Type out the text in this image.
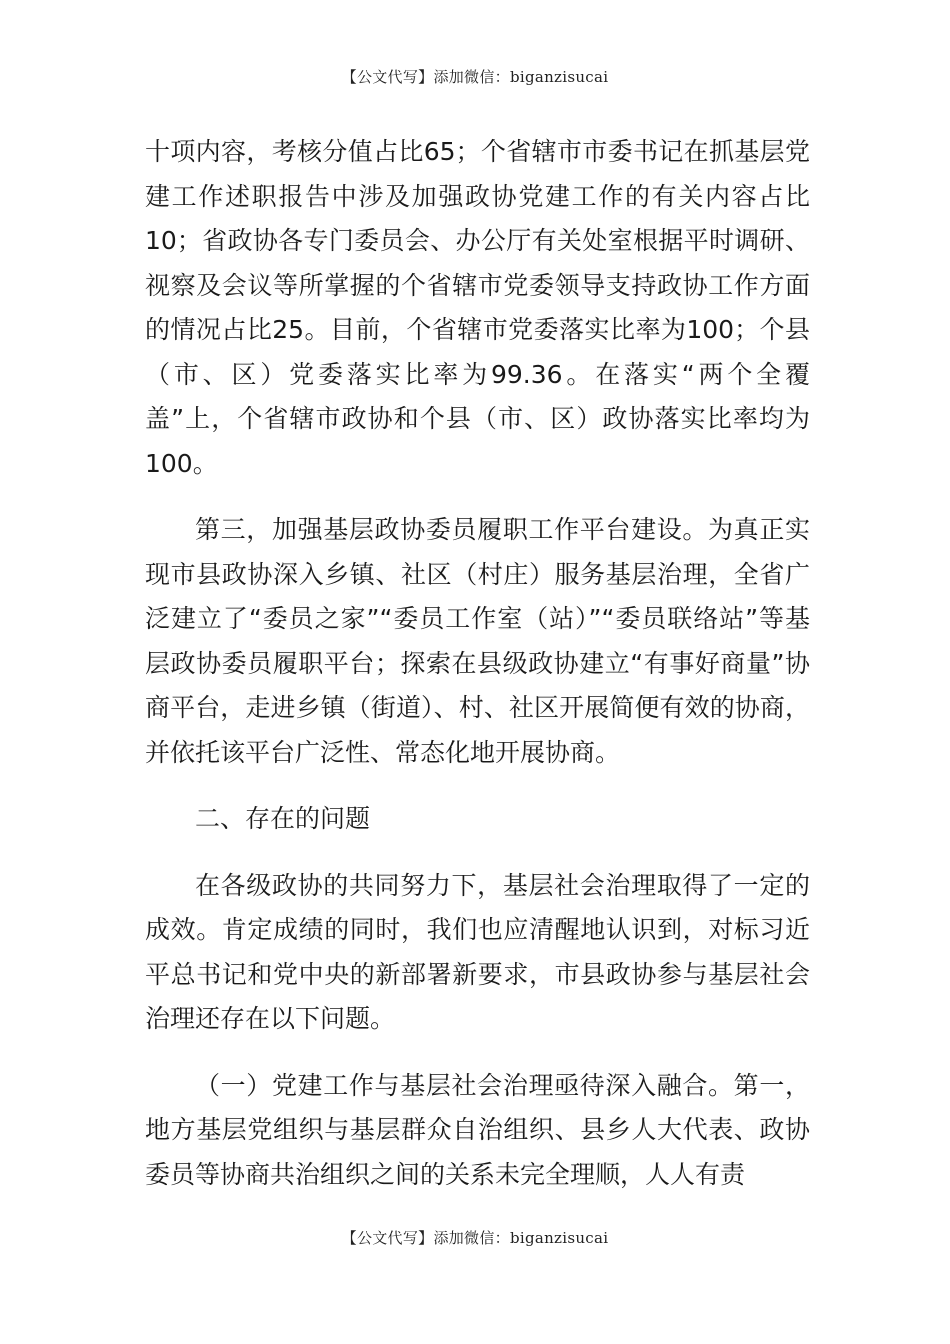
【公文代写】添加微信：biganzisucai

十项内容，考核分值占比65；个省辖市市委书记在抓基层党建工作述职报告中涉及加强政协党建工作的有关内容占比10；省政协各专门委员会、办公厅有关处室根据平时调研、视察及会议等所掌握的个省辖市党委领导支持政协工作方面的情况占比25。目前，个省辖市党委落实比率为100；个县（市、区）党委落实比率为99.36。在落实“两个全覆盖”上，个省辖市政协和个县（市、区）政协落实比率均为100。

第三，加强基层政协委员履职工作平台建设。为真正实现市县政协深入乡镇、社区（村庄）服务基层治理，全省广泛建立了“委员之家”“委员工作室（站）”“委员联络站”等基层政协委员履职平台；探索在县级政协建立“有事好商量”协商平台，走进乡镇（街道）、村、社区开展简便有效的协商，并依托该平台广泛性、常态化地开展协商。

二、存在的问题

在各级政协的共同努力下，基层社会治理取得了一定的成效。肯定成绩的同时，我们也应清醒地认识到，对标习近平总书记和党中央的新部署新要求，市县政协参与基层社会治理还存在以下问题。

（一）党建工作与基层社会治理亟待深入融合。第一，地方基层党组织与基层群众自治组织、县乡人大代表、政协委员等协商共治组织之间的关系未完全理顺，人人有责

【公文代写】添加微信：biganzisucai
